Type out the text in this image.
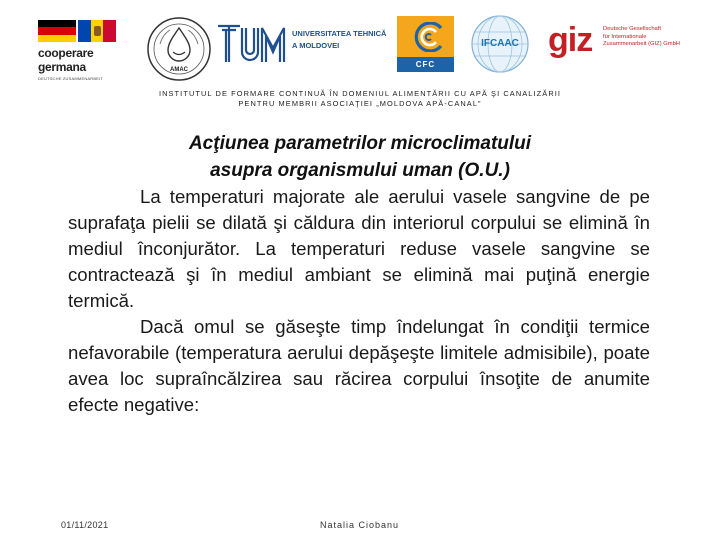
cooperare
germana
DEUTSCHE ZUSAMMENARBEIT
AMAC
UNIVERSITATEA TEHNICĂ
A MOLDOVEI
CFC
IFCAAC giz Deutsche Gesellschaft
für Internationale
Zusammenarbeit (GIZ) GmbH
INSTITUTUL DE FORMARE CONTINUĂ ÎN DOMENIUL ALIMENTĂRII CU APĂ ŞI CANALIZĂRII
PENTRU MEMBRII ASOCIAŢIEI „MOLDOVA APĂ-CANAL”
Acţiunea parametrilor microclimatului
asupra organismului uman (O.U.)

La temperaturi majorate ale aerului vasele sangvine de pe suprafaţa pielii se dilată şi căldura din interiorul corpului se elimină în mediul înconjurător. La temperaturi reduse vasele sangvine se contractează şi în mediul ambiant se elimină mai puţină energie termică.

Dacă omul se găseşte timp îndelungat în condiţii termice nefavorabile (temperatura aerului depăşeşte limitele admisibile), poate avea loc supraîncălzirea sau răcirea corpului însoţite de anumite efecte negative:

01/11/2021	Natalia Ciobanu
